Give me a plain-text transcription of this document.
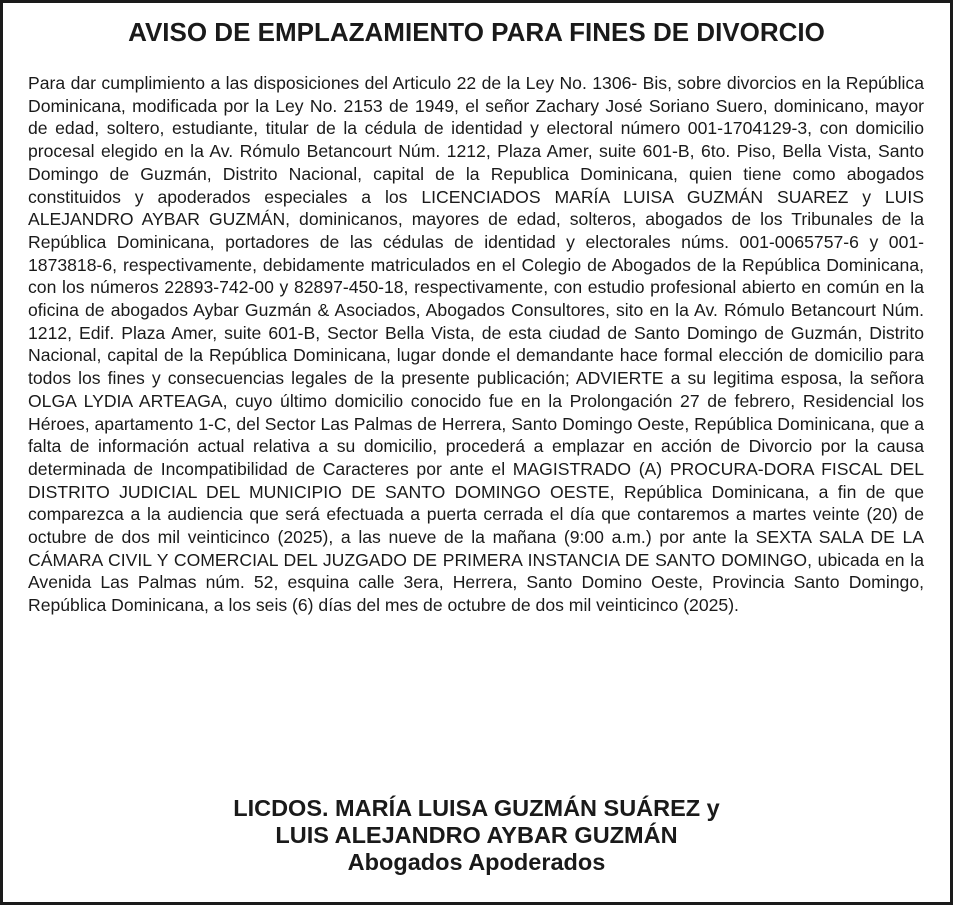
AVISO DE EMPLAZAMIENTO PARA FINES DE DIVORCIO

Para dar cumplimiento a las disposiciones del Articulo 22 de la Ley No. 1306- Bis, sobre divorcios en la República Dominicana, modificada por la Ley No. 2153 de 1949, el señor Zachary José Soriano Suero, dominicano, mayor de edad, soltero, estudiante, titular de la cédula de identidad y electoral número 001-1704129-3, con domicilio procesal elegido en la Av. Rómulo Betancourt Núm. 1212, Plaza Amer, suite 601-B, 6to. Piso, Bella Vista, Santo Domingo de Guzmán, Distrito Nacional, capital de la Republica Dominicana, quien tiene como abogados constituidos y apoderados especiales a los LICENCIADOS MARÍA LUISA GUZMÁN SUAREZ y LUIS ALEJANDRO AYBAR GUZMÁN, dominicanos, mayores de edad, solteros, abogados de los Tribunales de la República Dominicana, portadores de las cédulas de identidad y electorales núms. 001-0065757-6 y 001-1873818-6, respectivamente, debidamente matriculados en el Colegio de Abogados de la República Dominicana, con los números 22893-742-00 y 82897-450-18, respectivamente, con estudio profesional abierto en común en la oficina de abogados Aybar Guzmán & Asociados, Abogados Consultores, sito en la Av. Rómulo Betancourt Núm. 1212, Edif. Plaza Amer, suite 601-B, Sector Bella Vista, de esta ciudad de Santo Domingo de Guzmán, Distrito Nacional, capital de la República Dominicana, lugar donde el demandante hace formal elección de domicilio para todos los fines y consecuencias legales de la presente publicación; ADVIERTE a su legitima esposa, la señora OLGA LYDIA ARTEAGA, cuyo último domicilio conocido fue en la Prolongación 27 de febrero, Residencial los Héroes, apartamento 1-C, del Sector Las Palmas de Herrera, Santo Domingo Oeste, República Dominicana, que a falta de información actual relativa a su domicilio, procederá a emplazar en acción de Divorcio por la causa determinada de Incompatibilidad de Caracteres por ante el MAGISTRADO (A) PROCURA-DORA FISCAL DEL DISTRITO JUDICIAL DEL MUNICIPIO DE SANTO DOMINGO OESTE, República Dominicana, a fin de que comparezca a la audiencia que será efectuada a puerta cerrada el día que contaremos a martes veinte (20) de octubre de dos mil veinticinco (2025), a las nueve de la mañana (9:00 a.m.) por ante la SEXTA SALA DE LA CÁMARA CIVIL Y COMERCIAL DEL JUZGADO DE PRIMERA INSTANCIA DE SANTO DOMINGO, ubicada en la Avenida Las Palmas núm. 52, esquina calle 3era, Herrera, Santo Domino Oeste, Provincia Santo Domingo, República Dominicana, a los seis (6) días del mes de octubre de dos mil veinticinco (2025).

LICDOS. MARÍA LUISA GUZMÁN SUÁREZ y
LUIS ALEJANDRO AYBAR GUZMÁN
Abogados Apoderados
